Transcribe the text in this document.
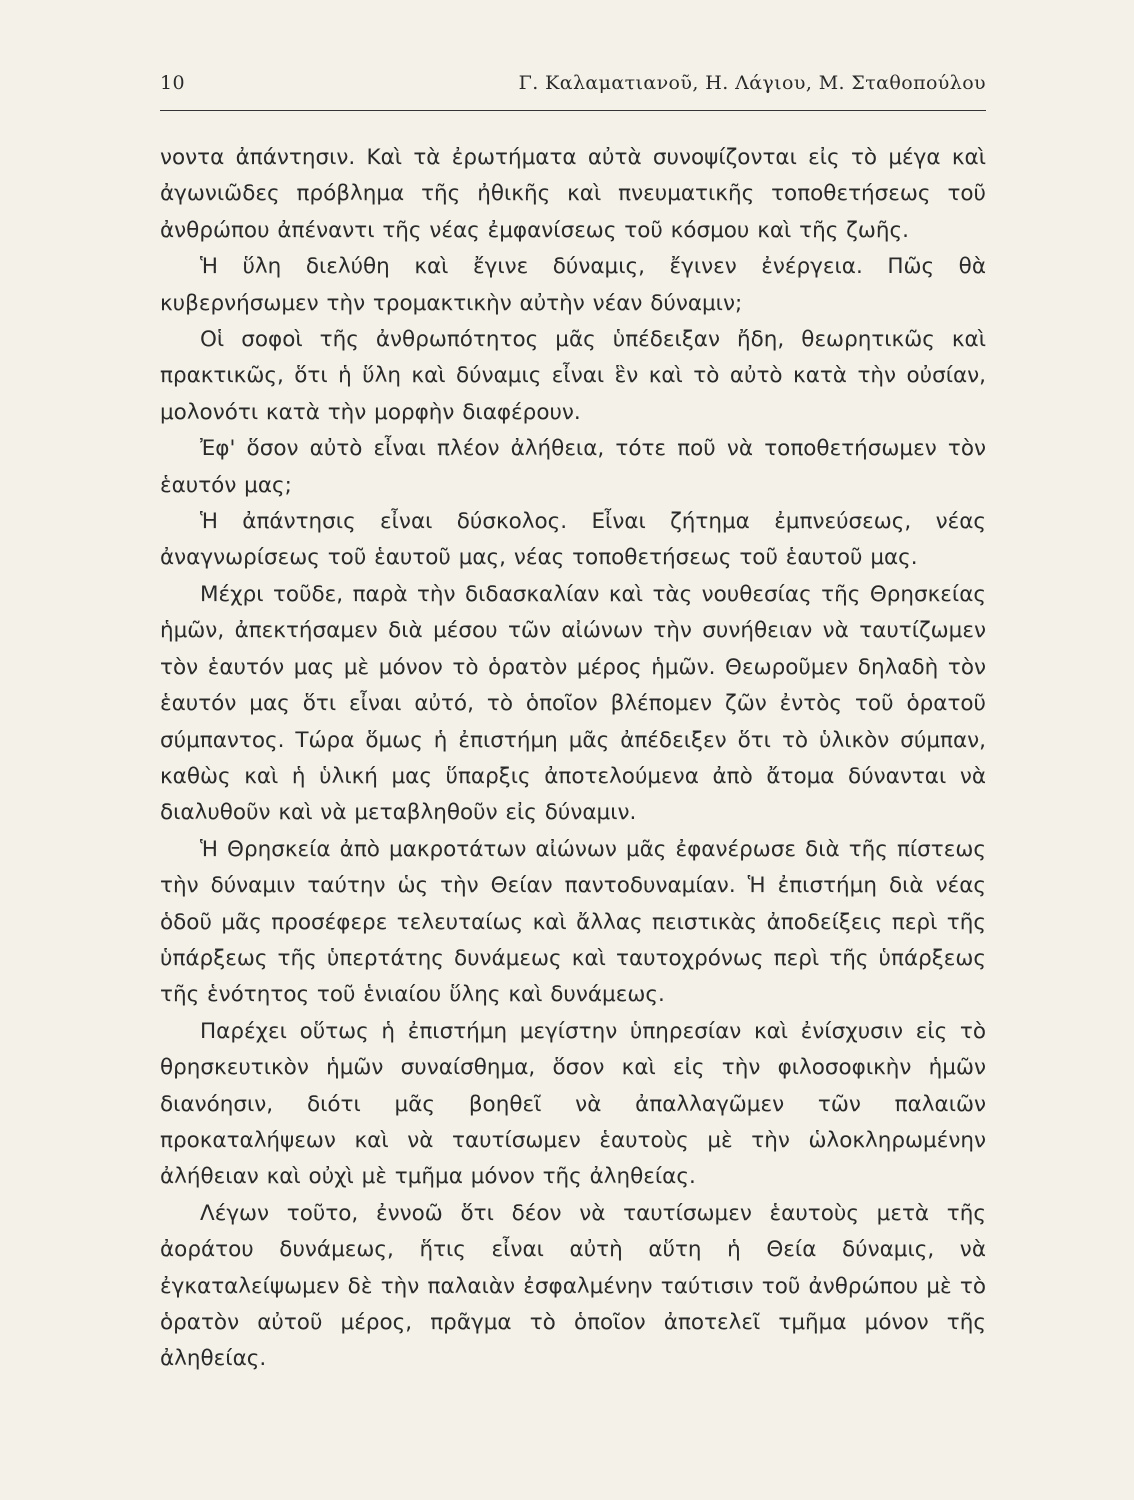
10	Γ. Καλαματιανοῦ, Η. Λάγιου, Μ. Σταθοπούλου

νοντα ἀπάντησιν. Καὶ τὰ ἐρωτήματα αὐτὰ συνοψίζονται εἰς τὸ μέγα καὶ ἀγωνιῶδες πρόβλημα τῆς ἠθικῆς καὶ πνευματικῆς τοποθετήσεως τοῦ ἀνθρώπου ἀπέναντι τῆς νέας ἐμφανίσεως τοῦ κόσμου καὶ τῆς ζωῆς.

Ἡ ὕλη διελύθη καὶ ἔγινε δύναμις, ἔγινεν ἐνέργεια. Πῶς θὰ κυβερνήσωμεν τὴν τρομακτικὴν αὐτὴν νέαν δύναμιν;

Οἱ σοφοὶ τῆς ἀνθρωπότητος μᾶς ὑπέδειξαν ἤδη, θεωρητικῶς καὶ πρακτικῶς, ὅτι ἡ ὕλη καὶ δύναμις εἶναι ἓν καὶ τὸ αὐτὸ κατὰ τὴν οὐσίαν, μολονότι κατὰ τὴν μορφὴν διαφέρουν.

Ἐφ' ὅσον αὐτὸ εἶναι πλέον ἀλήθεια, τότε ποῦ νὰ τοποθετήσωμεν τὸν ἑαυτόν μας;

Ἡ ἀπάντησις εἶναι δύσκολος. Εἶναι ζήτημα ἐμπνεύσεως, νέας ἀναγνωρίσεως τοῦ ἑαυτοῦ μας, νέας τοποθετήσεως τοῦ ἑαυτοῦ μας.

Μέχρι τοῦδε, παρὰ τὴν διδασκαλίαν καὶ τὰς νουθεσίας τῆς Θρησκείας ἡμῶν, ἀπεκτήσαμεν διὰ μέσου τῶν αἰώνων τὴν συνήθειαν νὰ ταυτίζωμεν τὸν ἑαυτόν μας μὲ μόνον τὸ ὁρατὸν μέρος ἡμῶν. Θεωροῦμεν δηλαδὴ τὸν ἑαυτόν μας ὅτι εἶναι αὐτό, τὸ ὁποῖον βλέπομεν ζῶν ἐντὸς τοῦ ὁρατοῦ σύμπαντος. Τώρα ὅμως ἡ ἐπιστήμη μᾶς ἀπέδειξεν ὅτι τὸ ὑλικὸν σύμπαν, καθὼς καὶ ἡ ὑλική μας ὕπαρξις ἀποτελούμενα ἀπὸ ἄτομα δύνανται νὰ διαλυθοῦν καὶ νὰ μεταβληθοῦν εἰς δύναμιν.

Ἡ Θρησκεία ἀπὸ μακροτάτων αἰώνων μᾶς ἐφανέρωσε διὰ τῆς πίστεως τὴν δύναμιν ταύτην ὡς τὴν Θείαν παντοδυναμίαν. Ἡ ἐπιστήμη διὰ νέας ὁδοῦ μᾶς προσέφερε τελευταίως καὶ ἄλλας πειστικὰς ἀποδείξεις περὶ τῆς ὑπάρξεως τῆς ὑπερτάτης δυνάμεως καὶ ταυτοχρόνως περὶ τῆς ὑπάρξεως τῆς ἑνότητος τοῦ ἑνιαίου ὕλης καὶ δυνάμεως.

Παρέχει οὕτως ἡ ἐπιστήμη μεγίστην ὑπηρεσίαν καὶ ἐνίσχυσιν εἰς τὸ θρησκευτικὸν ἡμῶν συναίσθημα, ὅσον καὶ εἰς τὴν φιλοσοφικὴν ἡμῶν διανόησιν, διότι μᾶς βοηθεῖ νὰ ἀπαλλαγῶμεν τῶν παλαιῶν προκαταλήψεων καὶ νὰ ταυτίσωμεν ἑαυτοὺς μὲ τὴν ὡλοκληρωμένην ἀλήθειαν καὶ οὐχὶ μὲ τμῆμα μόνον τῆς ἀληθείας.

Λέγων τοῦτο, ἐννοῶ ὅτι δέον νὰ ταυτίσωμεν ἑαυτοὺς μετὰ τῆς ἀοράτου δυνάμεως, ἥτις εἶναι αὐτὴ αὕτη ἡ Θεία δύναμις, νὰ ἐγκαταλείψωμεν δὲ τὴν παλαιὰν ἐσφαλμένην ταύτισιν τοῦ ἀνθρώπου μὲ τὸ ὁρατὸν αὐτοῦ μέρος, πρᾶγμα τὸ ὁποῖον ἀποτελεῖ τμῆμα μόνον τῆς ἀληθείας.
